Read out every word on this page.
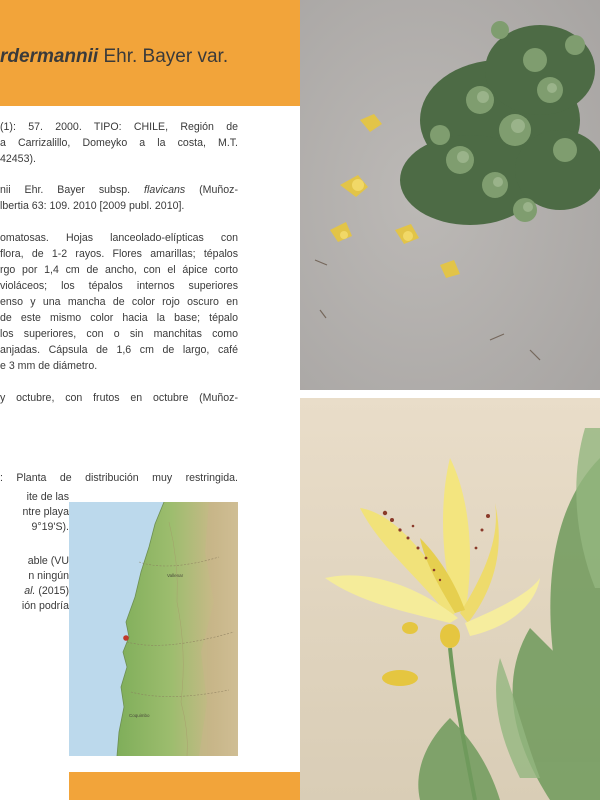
rdermannii Ehr. Bayer var.
(1): 57. 2000. TIPO: CHILE, Región de
a Carrizalillo, Domeyko a la costa, M.T.
42453).
nii Ehr. Bayer subsp. flavicans (Muñoz-
lbertia 63: 109. 2010 [2009 publ. 2010].
omatosas. Hojas lanceolado-elípticas con
flora, de 1-2 rayos. Flores amarillas; tépalos
rgo por 1,4 cm de ancho, con el ápice corto
violáceos; los tépalos internos superiores
enso y una mancha de color rojo oscuro en
de este mismo color hacia la base; tépalo
los superiores, con o sin manchitas como
anjadas. Cápsula de 1,6 cm de largo, café
e 3 mm de diámetro.
y octubre, con frutos en octubre (Muñoz-
: Planta de distribución muy restringida.
ite de las
ntre playa
9°19'S).
able (VU
n ningún
al. (2015)
ión podría
Vallenar
Coquimbo
